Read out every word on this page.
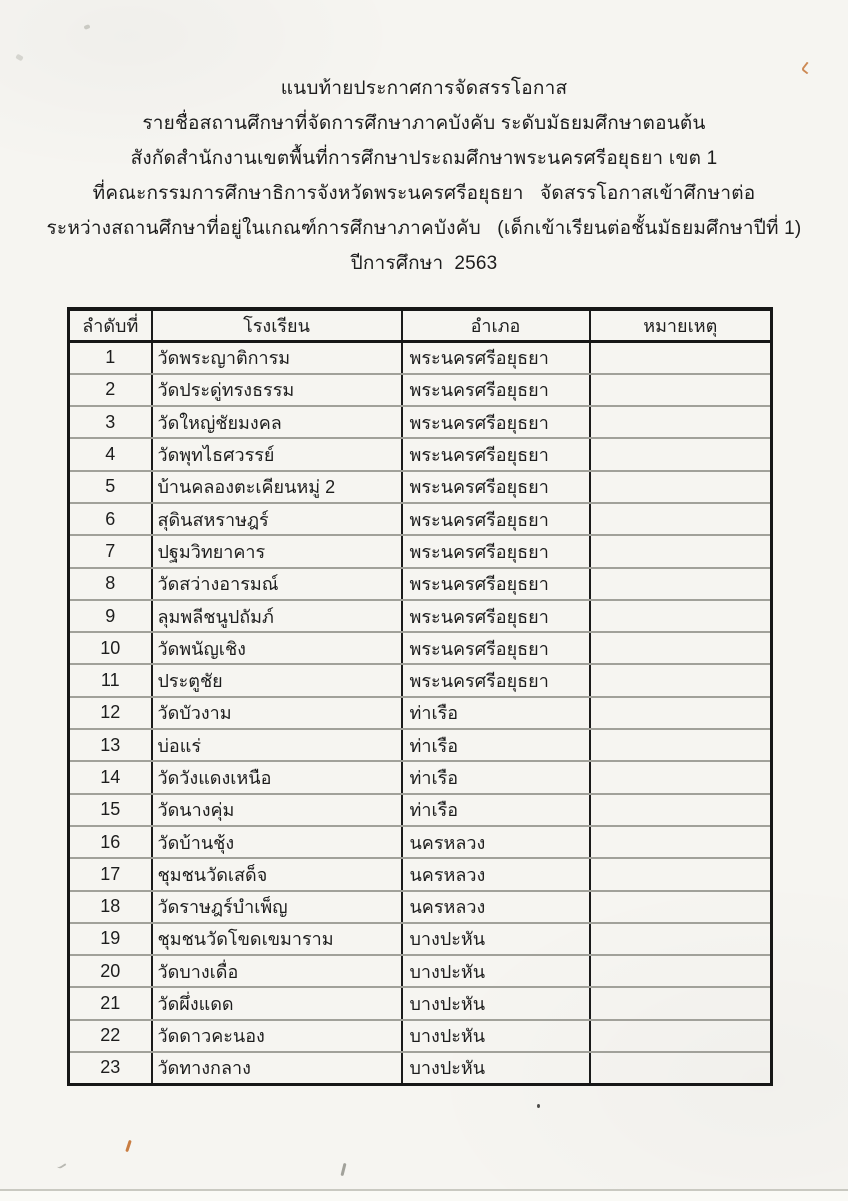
แนบท้ายประกาศการจัดสรรโอกาส
รายชื่อสถานศึกษาที่จัดการศึกษาภาคบังคับ ระดับมัธยมศึกษาตอนต้น
สังกัดสำนักงานเขตพื้นที่การศึกษาประถมศึกษาพระนครศรีอยุธยา เขต 1
ที่คณะกรรมการศึกษาธิการจังหวัดพระนครศรีอยุธยา   จัดสรรโอกาสเข้าศึกษาต่อ
ระหว่างสถานศึกษาที่อยู่ในเกณฑ์การศึกษาภาคบังคับ   (เด็กเข้าเรียนต่อชั้นมัธยมศึกษาปีที่ 1)
ปีการศึกษา  2563
ลำดับที่	โรงเรียน	อำเภอ	หมายเหตุ
1	วัดพระญาติการม	พระนครศรีอยุธยา	
2	วัดประดู่ทรงธรรม	พระนครศรีอยุธยา	
3	วัดใหญ่ชัยมงคล	พระนครศรีอยุธยา	
4	วัดพุทไธศวรรย์	พระนครศรีอยุธยา	
5	บ้านคลองตะเคียนหมู่ 2	พระนครศรีอยุธยา	
6	สุดินสหราษฎร์	พระนครศรีอยุธยา	
7	ปฐมวิทยาคาร	พระนครศรีอยุธยา	
8	วัดสว่างอารมณ์	พระนครศรีอยุธยา	
9	ลุมพลีชนูปถัมภ์	พระนครศรีอยุธยา	
10	วัดพนัญเชิง	พระนครศรีอยุธยา	
11	ประตูชัย	พระนครศรีอยุธยา	
12	วัดบัวงาม	ท่าเรือ	
13	บ่อแร่	ท่าเรือ	
14	วัดวังแดงเหนือ	ท่าเรือ	
15	วัดนางคุ่ม	ท่าเรือ	
16	วัดบ้านชุ้ง	นครหลวง	
17	ชุมชนวัดเสด็จ	นครหลวง	
18	วัดราษฎร์บำเพ็ญ	นครหลวง	
19	ชุมชนวัดโขดเขมาราม	บางปะหัน	
20	วัดบางเดื่อ	บางปะหัน	
21	วัดผึ่งแดด	บางปะหัน	
22	วัดดาวคะนอง	บางปะหัน	
23	วัดทางกลาง	บางปะหัน	
